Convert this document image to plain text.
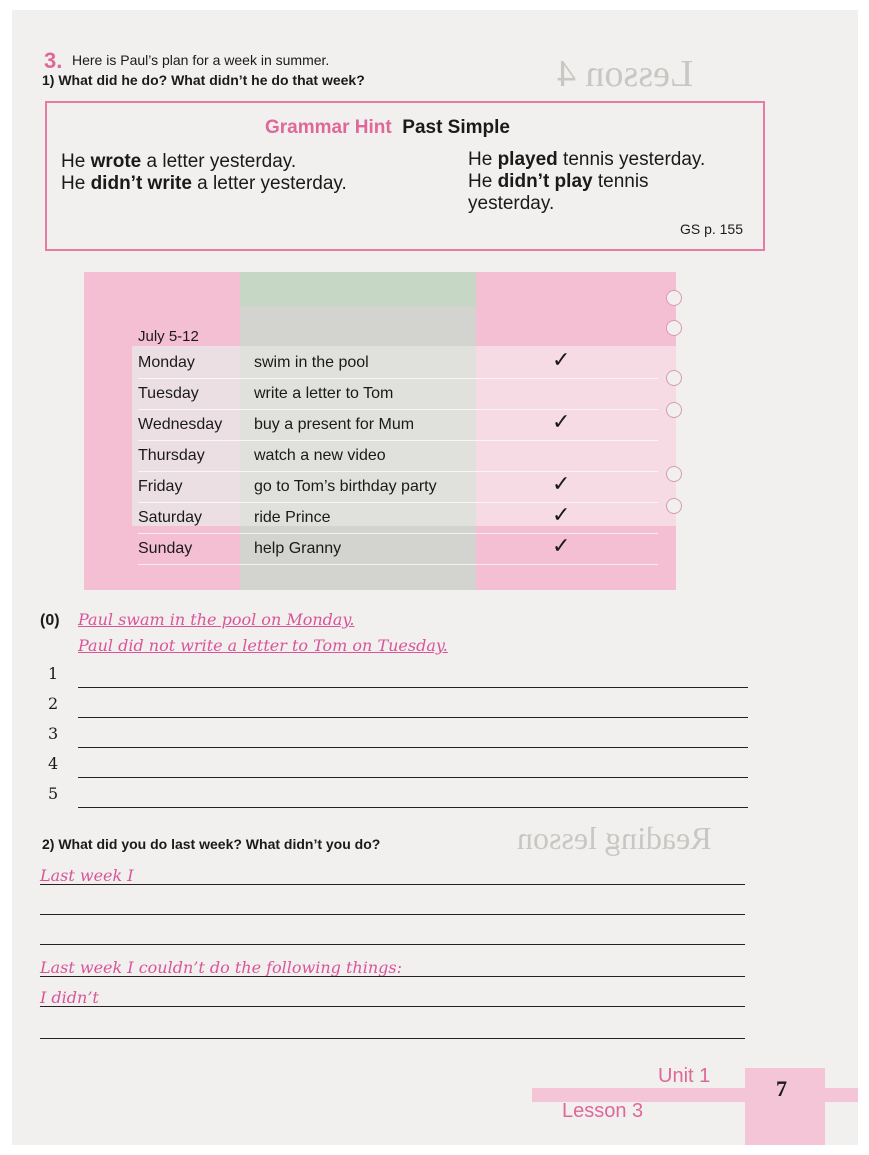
Lesson 4
Reading lesson
3. Here is Paul’s plan for a week in summer.
1) What did he do? What didn’t he do that week?
Grammar Hint Past Simple
He wrote a letter yesterday.
He didn’t write a letter yesterday.
He played tennis yesterday.
He didn’t play tennis
yesterday.
GS p. 155
July 5-12
Monday	swim in the pool	✓
Tuesday	write a letter to Tom
Wednesday buy a present for Mum	✓
Thursday	watch a new video
Friday	go to Tom’s birthday party	✓
Saturday	ride Prince	✓
Sunday	help Granny	✓
(0) Paul swam in the pool on Monday.
Paul did not write a letter to Tom on Tuesday.
1
2
3
4
5
2) What did you do last week? What didn’t you do?
Last week I
Last week I couldn’t do the following things:
I didn’t
Unit 1
Lesson 3
7
